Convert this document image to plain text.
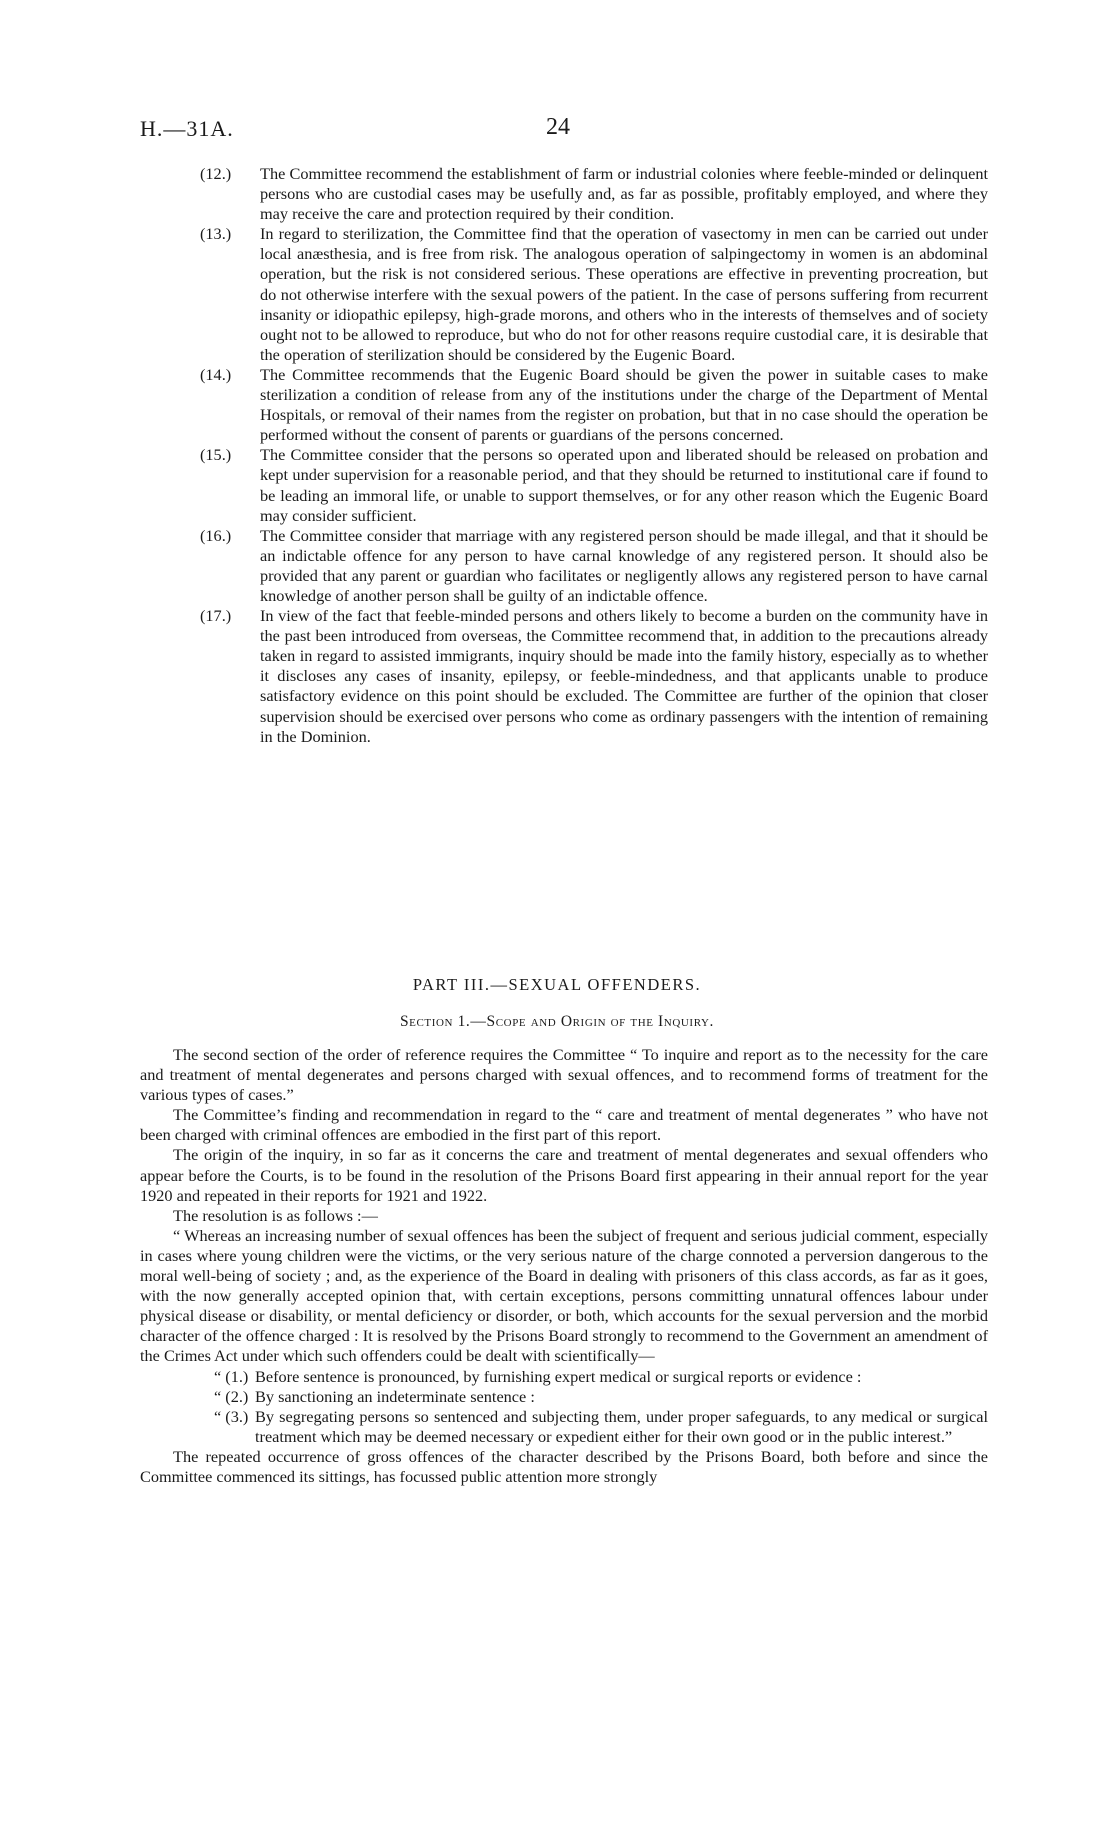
H.—31A.	24
(12.) The Committee recommend the establishment of farm or industrial colonies where feeble-minded or delinquent persons who are custodial cases may be usefully and, as far as possible, profitably employed, and where they may receive the care and protection required by their condition.
(13.) In regard to sterilization, the Committee find that the operation of vasectomy in men can be carried out under local anæsthesia, and is free from risk. The analogous operation of salpingectomy in women is an abdominal operation, but the risk is not considered serious. These operations are effective in preventing procreation, but do not otherwise interfere with the sexual powers of the patient. In the case of persons suffering from recurrent insanity or idiopathic epilepsy, high-grade morons, and others who in the interests of themselves and of society ought not to be allowed to reproduce, but who do not for other reasons require custodial care, it is desirable that the operation of sterilization should be considered by the Eugenic Board.
(14.) The Committee recommends that the Eugenic Board should be given the power in suitable cases to make sterilization a condition of release from any of the institutions under the charge of the Department of Mental Hospitals, or removal of their names from the register on probation, but that in no case should the operation be performed without the consent of parents or guardians of the persons concerned.
(15.) The Committee consider that the persons so operated upon and liberated should be released on probation and kept under supervision for a reasonable period, and that they should be returned to institutional care if found to be leading an immoral life, or unable to support themselves, or for any other reason which the Eugenic Board may consider sufficient.
(16.) The Committee consider that marriage with any registered person should be made illegal, and that it should be an indictable offence for any person to have carnal knowledge of any registered person. It should also be provided that any parent or guardian who facilitates or negligently allows any registered person to have carnal knowledge of another person shall be guilty of an indictable offence.
(17.) In view of the fact that feeble-minded persons and others likely to become a burden on the community have in the past been introduced from overseas, the Committee recommend that, in addition to the precautions already taken in regard to assisted immigrants, inquiry should be made into the family history, especially as to whether it discloses any cases of insanity, epilepsy, or feeble-mindedness, and that applicants unable to produce satisfactory evidence on this point should be excluded. The Committee are further of the opinion that closer supervision should be exercised over persons who come as ordinary passengers with the intention of remaining in the Dominion.
PART III.—SEXUAL OFFENDERS.
Section 1.—Scope and Origin of the Inquiry.

The second section of the order of reference requires the Committee “ To inquire and report as to the necessity for the care and treatment of mental degenerates and persons charged with sexual offences, and to recommend forms of treatment for the various types of cases.”

The Committee’s finding and recommendation in regard to the “ care and treatment of mental degenerates ” who have not been charged with criminal offences are embodied in the first part of this report.

The origin of the inquiry, in so far as it concerns the care and treatment of mental degenerates and sexual offenders who appear before the Courts, is to be found in the resolution of the Prisons Board first appearing in their annual report for the year 1920 and repeated in their reports for 1921 and 1922.

The resolution is as follows :—

“ Whereas an increasing number of sexual offences has been the subject of frequent and serious judicial comment, especially in cases where young children were the victims, or the very serious nature of the charge connoted a perversion dangerous to the moral well-being of society ; and, as the experience of the Board in dealing with prisoners of this class accords, as far as it goes, with the now generally accepted opinion that, with certain exceptions, persons committing unnatural offences labour under physical disease or disability, or mental deficiency or disorder, or both, which accounts for the sexual perversion and the morbid character of the offence charged : It is resolved by the Prisons Board strongly to recommend to the Government an amendment of the Crimes Act under which such offenders could be dealt with scientifically—

“ (1.) Before sentence is pronounced, by furnishing expert medical or surgical reports or evidence :
“ (2.) By sanctioning an indeterminate sentence :
“ (3.) By segregating persons so sentenced and subjecting them, under proper safeguards, to any medical or surgical treatment which may be deemed necessary or expedient either for their own good or in the public interest.”

The repeated occurrence of gross offences of the character described by the Prisons Board, both before and since the Committee commenced its sittings, has focussed public attention more strongly
